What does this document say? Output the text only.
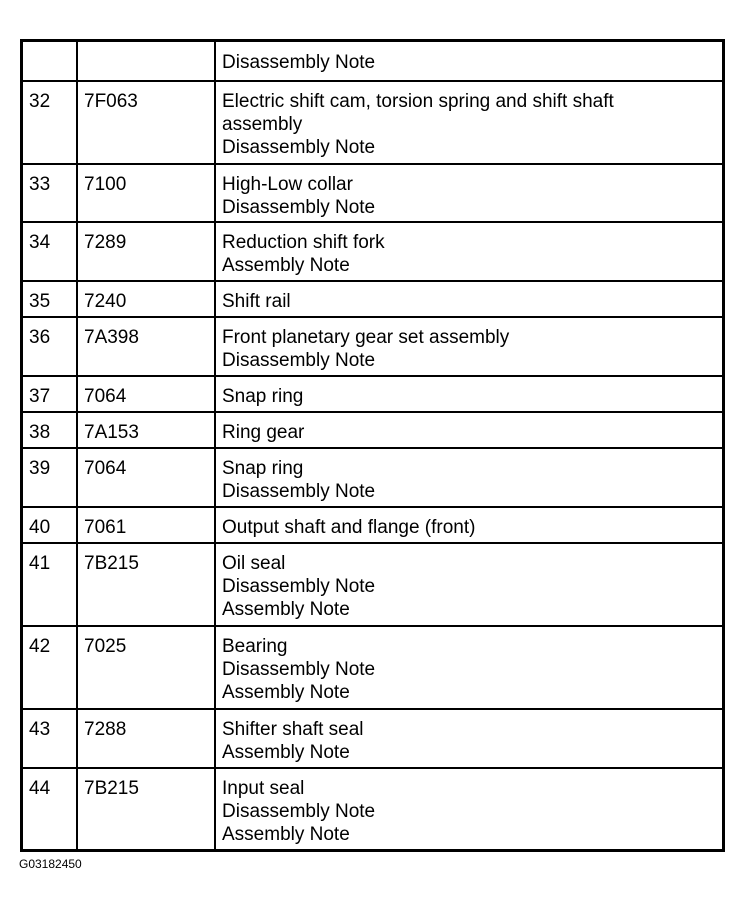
		Disassembly Note

32	7F063	Electric shift cam, torsion spring and shift shaft
assembly
Disassembly Note

33	7100	High-Low collar
Disassembly Note

34	7289	Reduction shift fork
Assembly Note

35	7240	Shift rail

36	7A398	Front planetary gear set assembly
Disassembly Note

37	7064	Snap ring

38	7A153	Ring gear

39	7064	Snap ring
Disassembly Note

40	7061	Output shaft and flange (front)

41	7B215	Oil seal
Disassembly Note
Assembly Note

42	7025	Bearing
Disassembly Note
Assembly Note

43	7288	Shifter shaft seal
Assembly Note

44	7B215	Input seal
Disassembly Note
Assembly Note
G03182450
